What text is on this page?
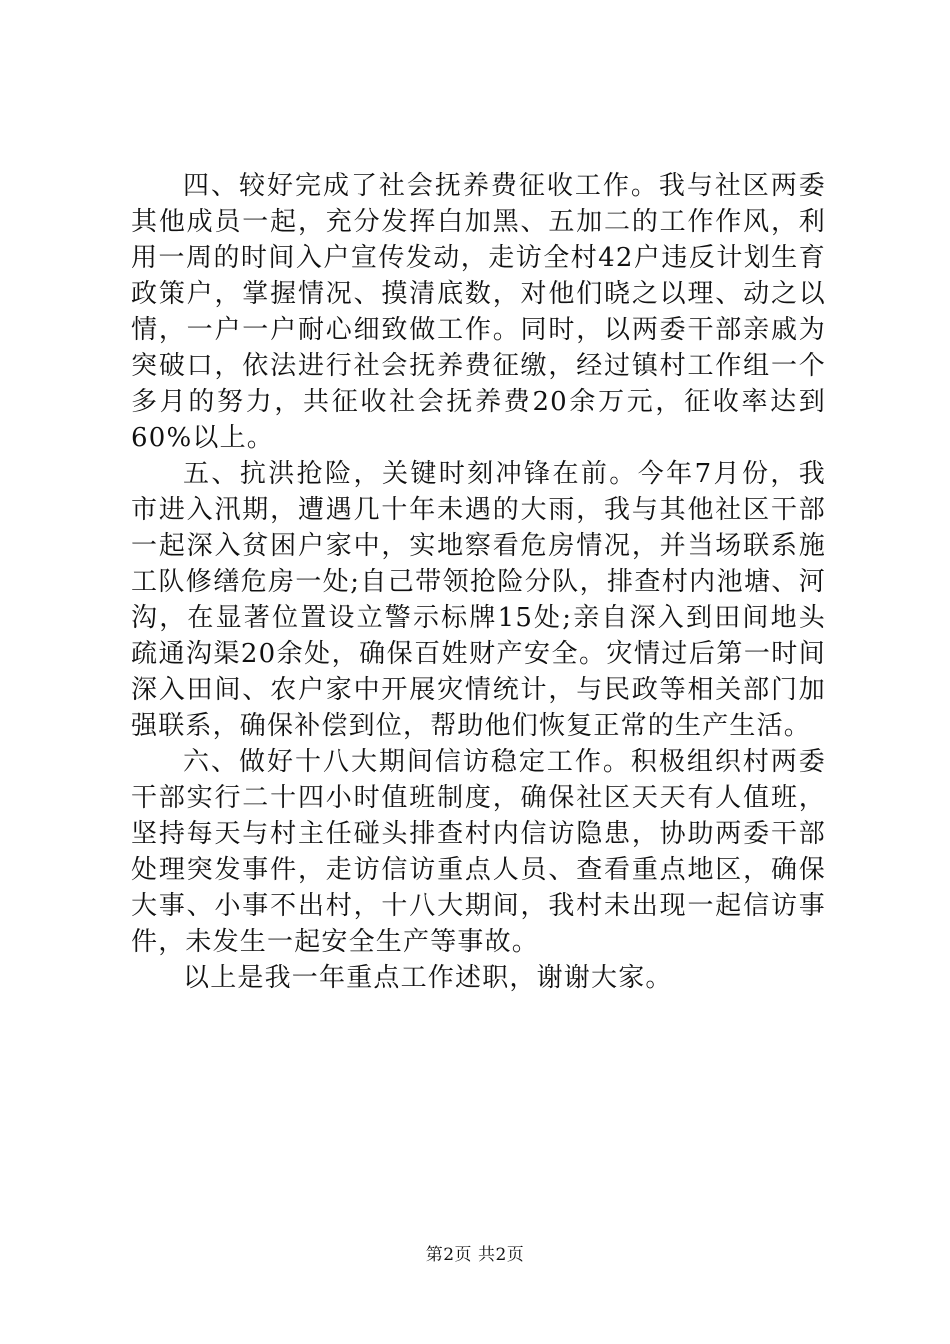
四、较好完成了社会抚养费征收工作。我与社区两委其他成员一起，充分发挥白加黑、五加二的工作作风，利用一周的时间入户宣传发动，走访全村42户违反计划生育政策户，掌握情况、摸清底数，对他们晓之以理、动之以情，一户一户耐心细致做工作。同时，以两委干部亲戚为突破口，依法进行社会抚养费征缴，经过镇村工作组一个多月的努力，共征收社会抚养费20余万元，征收率达到60%以上。

五、抗洪抢险，关键时刻冲锋在前。今年7月份，我市进入汛期，遭遇几十年未遇的大雨，我与其他社区干部一起深入贫困户家中，实地察看危房情况，并当场联系施工队修缮危房一处;自己带领抢险分队，排查村内池塘、河沟，在显著位置设立警示标牌15处;亲自深入到田间地头疏通沟渠20余处，确保百姓财产安全。灾情过后第一时间深入田间、农户家中开展灾情统计，与民政等相关部门加强联系，确保补偿到位，帮助他们恢复正常的生产生活。

六、做好十八大期间信访稳定工作。积极组织村两委干部实行二十四小时值班制度，确保社区天天有人值班，坚持每天与村主任碰头排查村内信访隐患，协助两委干部处理突发事件，走访信访重点人员、查看重点地区，确保大事、小事不出村，十八大期间，我村未出现一起信访事件，未发生一起安全生产等事故。

以上是我一年重点工作述职，谢谢大家。

第2页 共2页
